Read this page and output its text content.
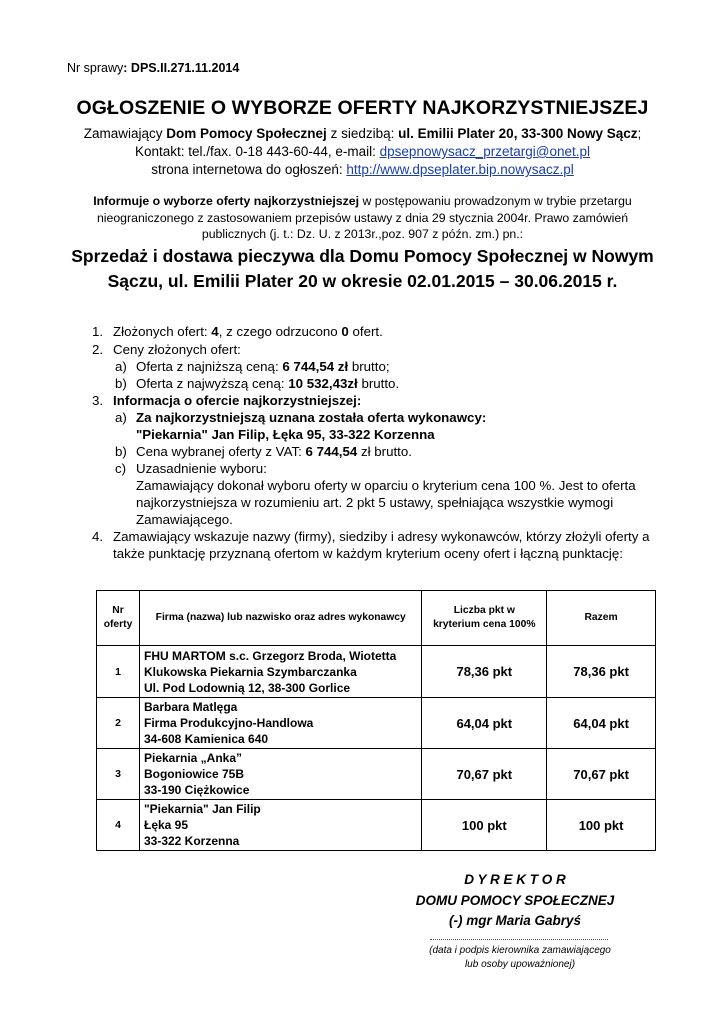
Nr sprawy: DPS.II.271.11.2014
OGŁOSZENIE O WYBORZE OFERTY NAJKORZYSTNIEJSZEJ
Zamawiający Dom Pomocy Społecznej z siedzibą: ul. Emilii Plater 20, 33-300 Nowy Sącz;
Kontakt: tel./fax. 0-18 443-60-44, e-mail: dpsepnowysacz_przetargi@onet.pl
strona internetowa do ogłoszeń: http://www.dpseplater.bip.nowysacz.pl
Informuje o wyborze oferty najkorzystniejszej w postępowaniu prowadzonym w trybie przetargu nieograniczonego z zastosowaniem przepisów ustawy z dnia 29 stycznia 2004r. Prawo zamówień publicznych (j. t.: Dz. U. z 2013r.,poz. 907 z późn. zm.) pn.:
Sprzedaż i dostawa pieczywa dla Domu Pomocy Społecznej w Nowym
Sączu, ul. Emilii Plater 20 w okresie 02.01.2015 – 30.06.2015 r.
1. Złożonych ofert: 4, z czego odrzucono 0 ofert.
2. Ceny złożonych ofert:
a) Oferta z najniższą ceną: 6 744,54 zł brutto;
b) Oferta z najwyższą ceną: 10 532,43zł brutto.
3. Informacja o ofercie najkorzystniejszej:
a) Za najkorzystniejszą uznana została oferta wykonawcy:
"Piekarnia" Jan Filip, Łęka 95, 33-322 Korzenna
b) Cena wybranej oferty z VAT: 6 744,54 zł brutto.
c) Uzasadnienie wyboru:
Zamawiający dokonał wyboru oferty w oparciu o kryterium cena 100 %. Jest to oferta
najkorzystniejsza w rozumieniu art. 2 pkt 5 ustawy, spełniająca wszystkie wymogi
Zamawiającego.
4. Zamawiający wskazuje nazwy (firmy), siedziby i adresy wykonawców, którzy złożyli oferty a
także punktację przyznaną ofertom w każdym kryterium oceny ofert i łączną punktację:
Nr oferty	Firma (nazwa) lub nazwisko oraz adres wykonawcy	Liczba pkt w kryterium cena 100%	Razem
1	FHU MARTOM s.c. Grzegorz Broda, Wiotetta
Klukowska Piekarnia Szymbarczanka
Ul. Pod Lodownią 12, 38-300 Gorlice	78,36 pkt	78,36 pkt
2	Barbara Matlęga
Firma Produkcyjno-Handlowa
34-608 Kamienica 640	64,04 pkt	64,04 pkt
3	Piekarnia „Anka”
Bogoniowice 75B
33-190 Ciężkowice	70,67 pkt	70,67 pkt
4	"Piekarnia" Jan Filip
Łęka 95
33-322 Korzenna	100 pkt	100 pkt
D Y R E K T O R
DOMU POMOCY SPOŁECZNEJ
(-) mgr Maria Gabryś
(data i podpis kierownika zamawiającego
lub osoby upoważnionej)
